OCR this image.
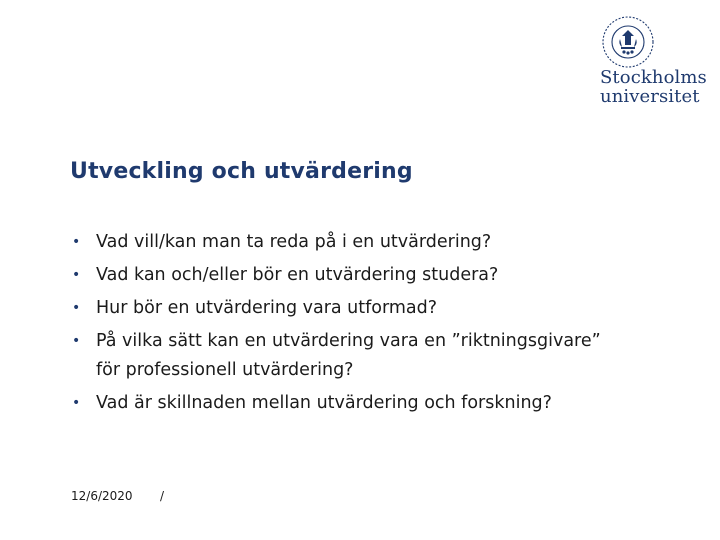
Stockholms
universitet
Utveckling och utvärdering
• Vad vill/kan man ta reda på i en utvärdering?
• Vad kan och/eller bör en utvärdering studera?
• Hur bör en utvärdering vara utformad?
• På vilka sätt kan en utvärdering vara en ”riktningsgivare” för professionell utvärdering?
• Vad är skillnaden mellan utvärdering och forskning?
12/6/2020 /
